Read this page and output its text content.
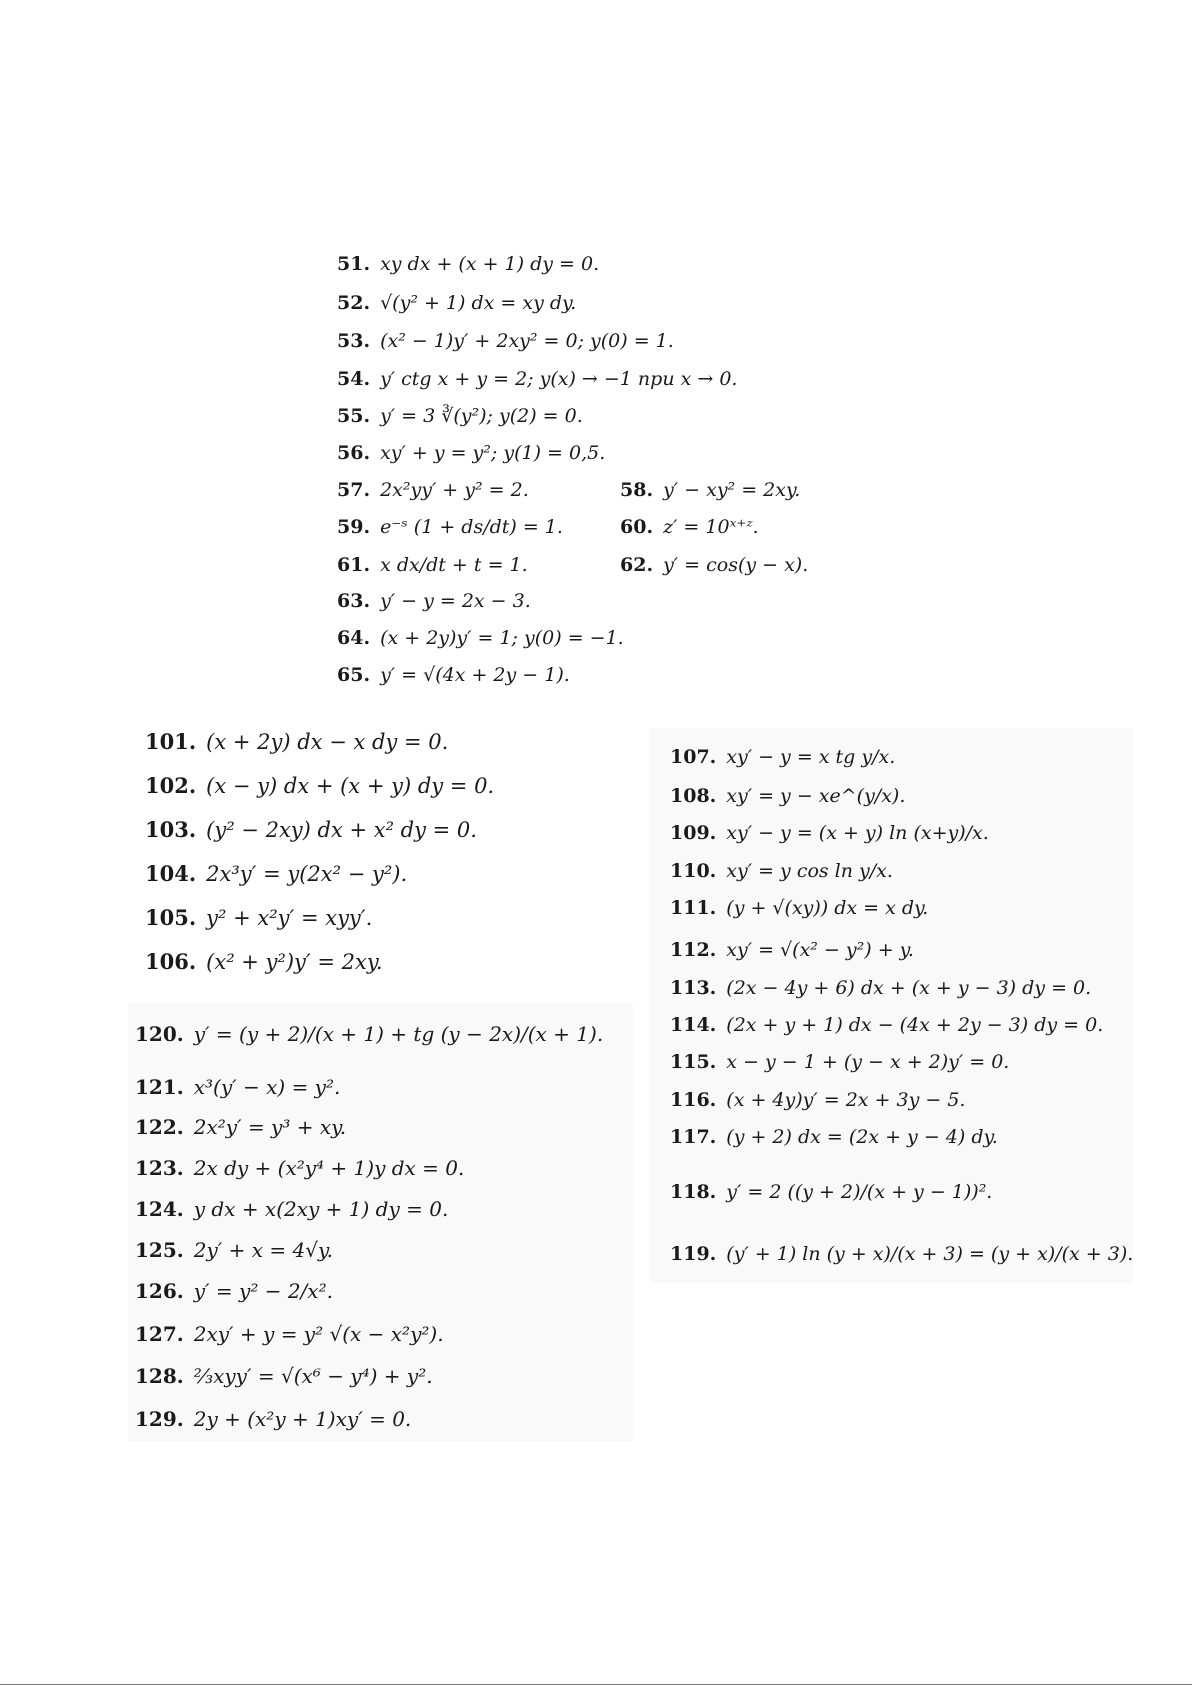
51. xy dx + (x + 1) dy = 0.
52. √(y² + 1) dx = xy dy.
53. (x² − 1)y′ + 2xy² = 0; y(0) = 1.
54. y′ ctg x + y = 2; y(x) → −1 при x → 0.
55. y′ = 3 ∛(y²); y(2) = 0.
56. xy′ + y = y²; y(1) = 0,5.
57. 2x²yy′ + y² = 2.	58. y′ − xy² = 2xy.
59. e⁻ˢ (1 + ds/dt) = 1.	60. z′ = 10ˣ⁺ᶻ.
61. x dx/dt + t = 1.	62. y′ = cos(y − x).
63. y′ − y = 2x − 3.
64. (x + 2y)y′ = 1; y(0) = −1.
65. y′ = √(4x + 2y − 1).
101. (x + 2y) dx − x dy = 0.
102. (x − y) dx + (x + y) dy = 0.
103. (y² − 2xy) dx + x² dy = 0.
104. 2x³y′ = y(2x² − y²).
105. y² + x²y′ = xyy′.
106. (x² + y²)y′ = 2xy.
120. y′ = (y + 2)/(x + 1) + tg (y − 2x)/(x + 1).
121. x³(y′ − x) = y².
122. 2x²y′ = y³ + xy.
123. 2x dy + (x²y⁴ + 1)y dx = 0.
124. y dx + x(2xy + 1) dy = 0.
125. 2y′ + x = 4√y.
126. y′ = y² − 2/x².
127. 2xy′ + y = y² √(x − x²y²).
128. ⅔xyy′ = √(x⁶ − y⁴) + y².
129. 2y + (x²y + 1)xy′ = 0.
107. xy′ − y = x tg y/x.
108. xy′ = y − xe^(y/x).
109. xy′ − y = (x + y) ln (x+y)/x.
110. xy′ = y cos ln y/x.
111. (y + √(xy)) dx = x dy.
112. xy′ = √(x² − y²) + y.
113. (2x − 4y + 6) dx + (x + y − 3) dy = 0.
114. (2x + y + 1) dx − (4x + 2y − 3) dy = 0.
115. x − y − 1 + (y − x + 2)y′ = 0.
116. (x + 4y)y′ = 2x + 3y − 5.
117. (y + 2) dx = (2x + y − 4) dy.
118. y′ = 2 ((y + 2)/(x + y − 1))².
119. (y′ + 1) ln (y + x)/(x + 3) = (y + x)/(x + 3).
